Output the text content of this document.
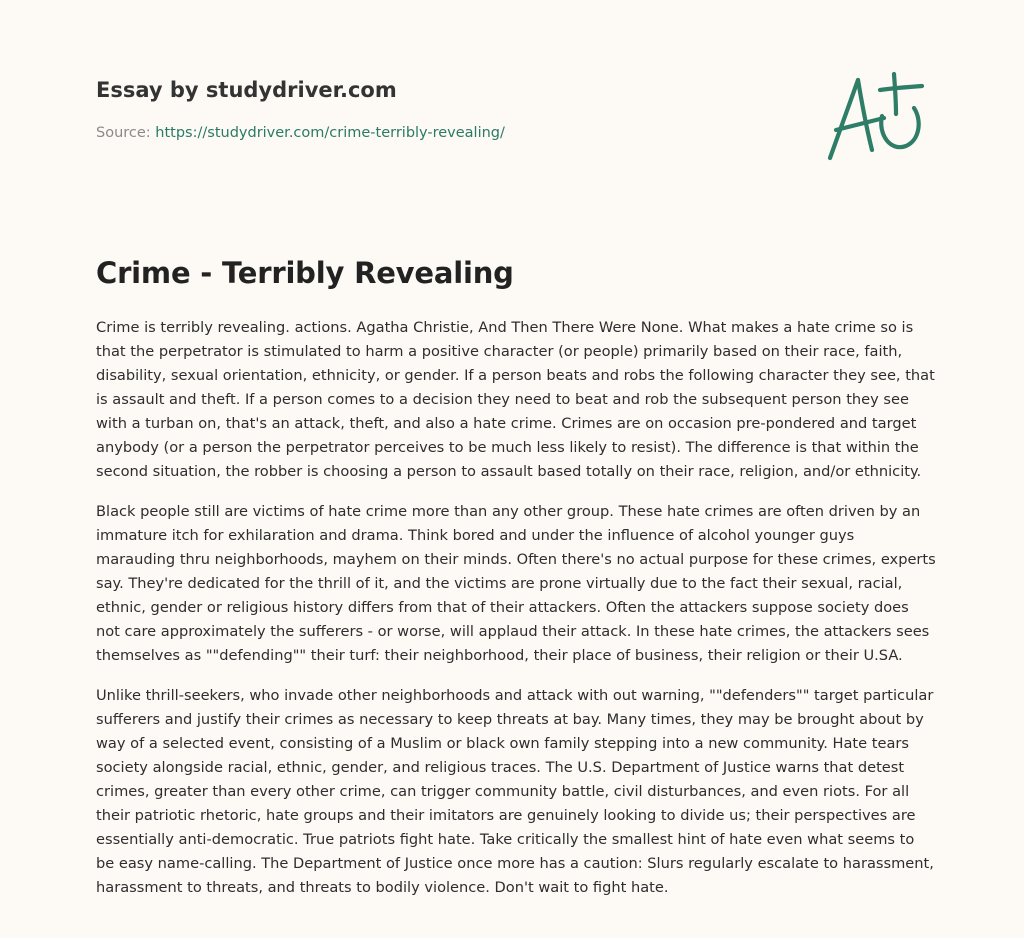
Essay by studydriver.com
Source: https://studydriver.com/crime-terribly-revealing/
Crime - Terribly Revealing

Crime is terribly revealing. actions. Agatha Christie, And Then There Were None. What makes a hate crime so is that the perpetrator is stimulated to harm a positive character (or people) primarily based on their race, faith, disability, sexual orientation, ethnicity, or gender. If a person beats and robs the following character they see, that is assault and theft. If a person comes to a decision they need to beat and rob the subsequent person they see with a turban on, that's an attack, theft, and also a hate crime. Crimes are on occasion pre-pondered and target anybody (or a person the perpetrator perceives to be much less likely to resist). The difference is that within the second situation, the robber is choosing a person to assault based totally on their race, religion, and/or ethnicity.

Black people still are victims of hate crime more than any other group. These hate crimes are often driven by an immature itch for exhilaration and drama. Think bored and under the influence of alcohol younger guys marauding thru neighborhoods, mayhem on their minds. Often there's no actual purpose for these crimes, experts say. They're dedicated for the thrill of it, and the victims are prone virtually due to the fact their sexual, racial, ethnic, gender or religious history differs from that of their attackers. Often the attackers suppose society does not care approximately the sufferers - or worse, will applaud their attack. In these hate crimes, the attackers sees themselves as ""defending"" their turf: their neighborhood, their place of business, their religion or their U.SA.

Unlike thrill-seekers, who invade other neighborhoods and attack with out warning, ""defenders"" target particular sufferers and justify their crimes as necessary to keep threats at bay. Many times, they may be brought about by way of a selected event, consisting of a Muslim or black own family stepping into a new community. Hate tears society alongside racial, ethnic, gender, and religious traces. The U.S. Department of Justice warns that detest crimes, greater than every other crime, can trigger community battle, civil disturbances, and even riots. For all their patriotic rhetoric, hate groups and their imitators are genuinely looking to divide us; their perspectives are essentially anti-democratic. True patriots fight hate. Take critically the smallest hint of hate even what seems to be easy name-calling. The Department of Justice once more has a caution: Slurs regularly escalate to harassment, harassment to threats, and threats to bodily violence. Don't wait to fight hate.
